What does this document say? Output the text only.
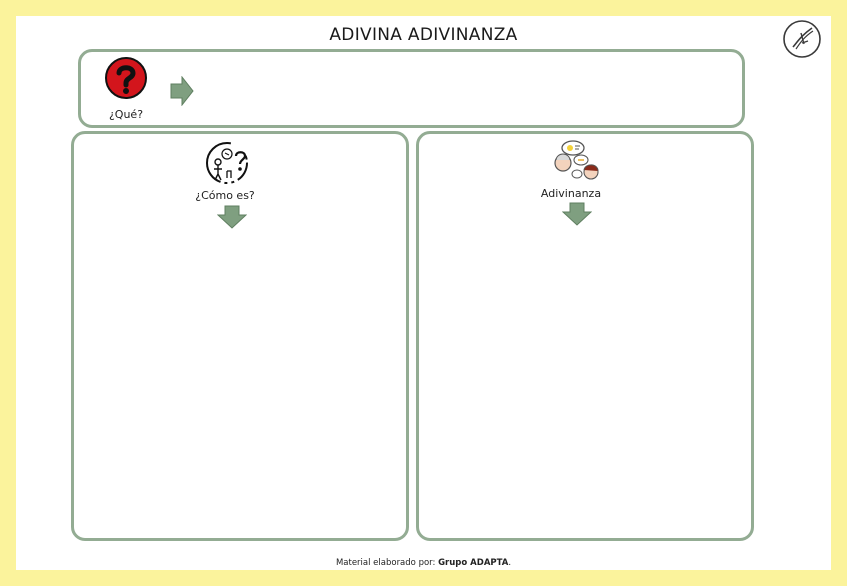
ADIVINA ADIVINANZA
¿Qué?
¿Cómo es?	Adivinanza
Material elaborado por: Grupo ADAPTA.
